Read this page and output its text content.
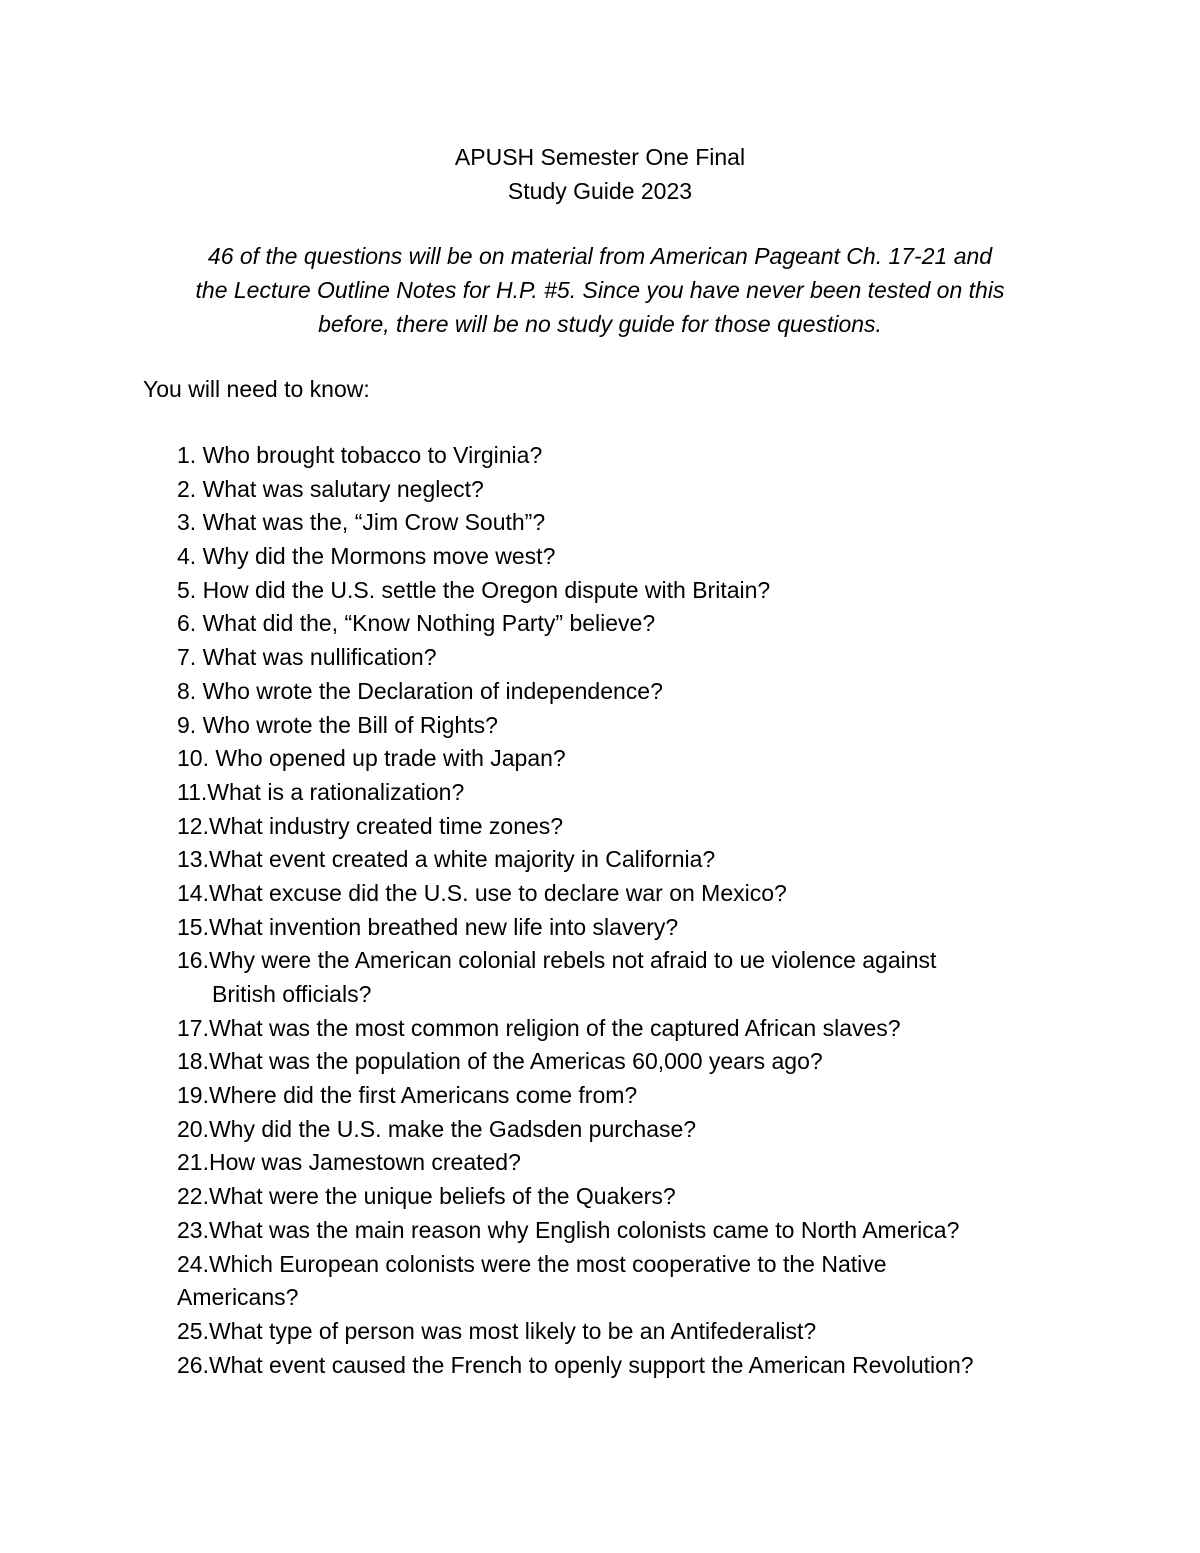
APUSH Semester One Final
Study Guide 2023
46 of the questions will be on material from American Pageant Ch. 17-21 and
the Lecture Outline Notes for H.P. #5. Since you have never been tested on this
before, there will be no study guide for those questions.
You will need to know:
1. Who brought tobacco to Virginia?
2. What was salutary neglect?
3. What was the, “Jim Crow South”?
4. Why did the Mormons move west?
5. How did the U.S. settle the Oregon dispute with Britain?
6. What did the, “Know Nothing Party” believe?
7. What was nullification?
8. Who wrote the Declaration of independence?
9. Who wrote the Bill of Rights?
10. Who opened up trade with Japan?
11.What is a rationalization?
12.What industry created time zones?
13.What event created a white majority in California?
14.What excuse did the U.S. use to declare war on Mexico?
15.What invention breathed new life into slavery?
16.Why were the American colonial rebels not afraid to ue violence against
British officials?
17.What was the most common religion of the captured African slaves?
18.What was the population of the Americas 60,000 years ago?
19.Where did the first Americans come from?
20.Why did the U.S. make the Gadsden purchase?
21.How was Jamestown created?
22.What were the unique beliefs of the Quakers?
23.What was the main reason why English colonists came to North America?
24.Which European colonists were the most cooperative to the Native
Americans?
25.What type of person was most likely to be an Antifederalist?
26.What event caused the French to openly support the American Revolution?
